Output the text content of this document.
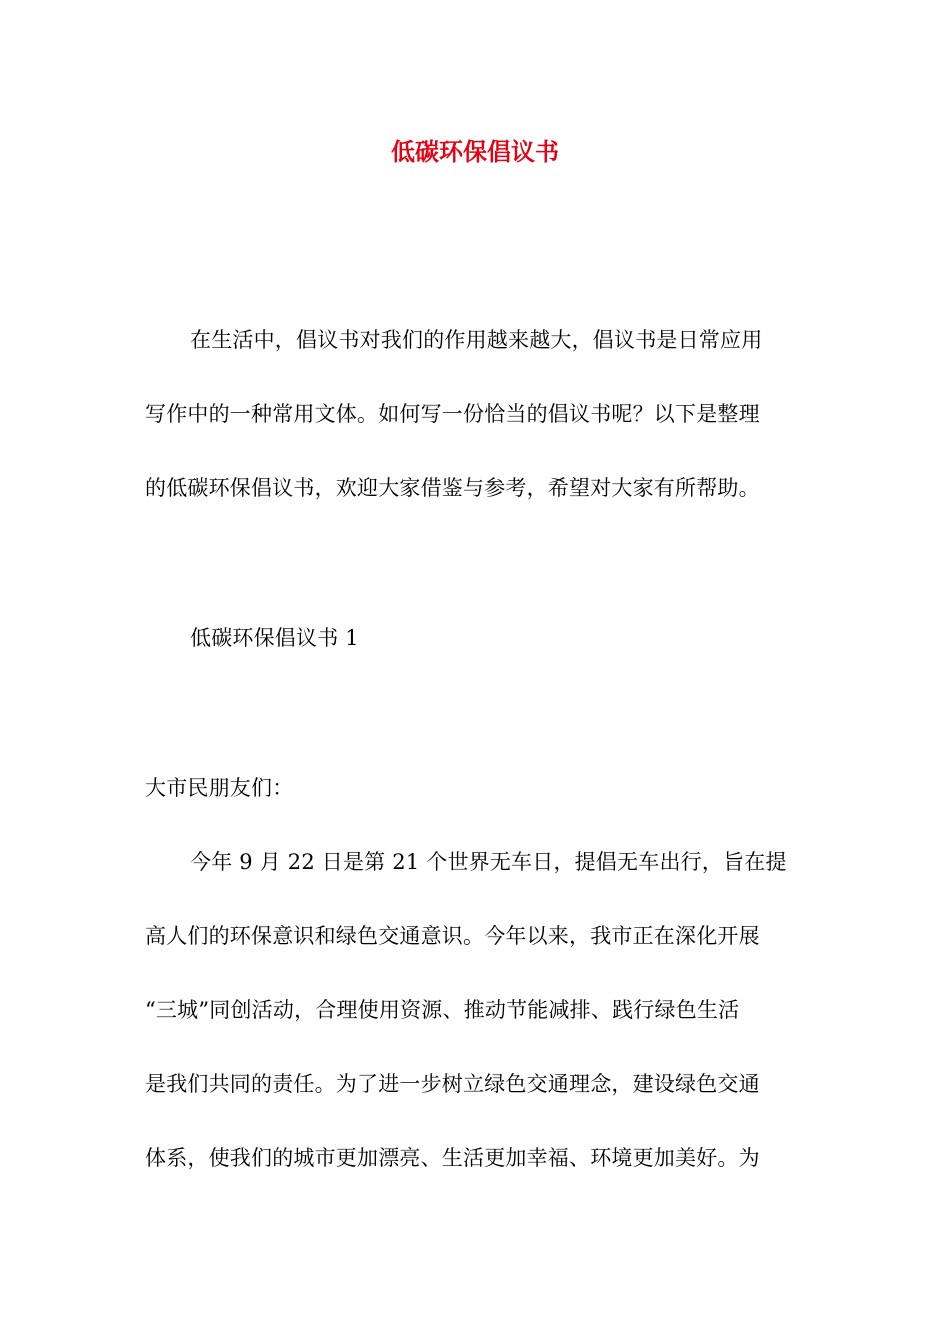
低碳环保倡议书
在生活中，倡议书对我们的作用越来越大，倡议书是日常应用
写作中的一种常用文体。如何写一份恰当的倡议书呢？以下是整理
的低碳环保倡议书，欢迎大家借鉴与参考，希望对大家有所帮助。
低碳环保倡议书 1
大市民朋友们：
今年 9 月 22 日是第 21 个世界无车日，提倡无车出行，旨在提
高人们的环保意识和绿色交通意识。今年以来，我市正在深化开展
“三城”同创活动，合理使用资源、推动节能减排、践行绿色生活
是我们共同的责任。为了进一步树立绿色交通理念，建设绿色交通
体系，使我们的城市更加漂亮、生活更加幸福、环境更加美好。为
